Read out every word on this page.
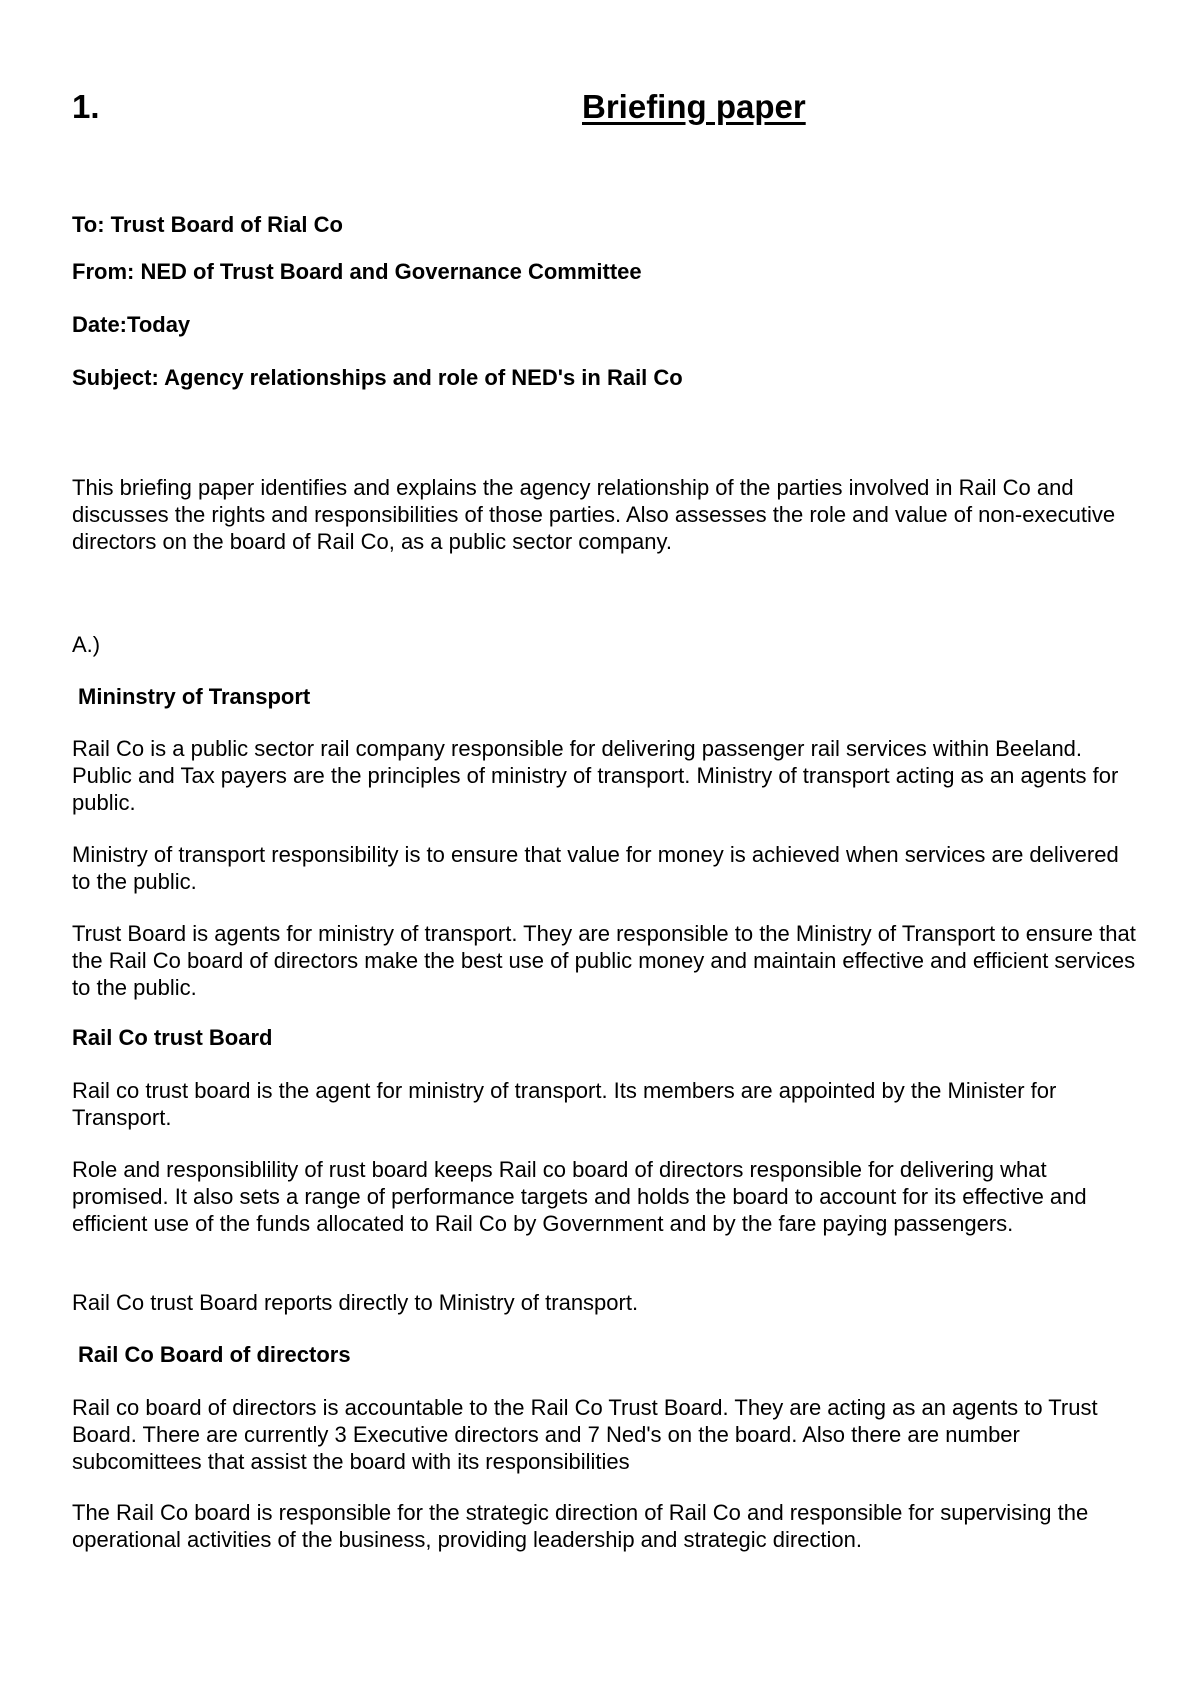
1.	Briefing paper
To: Trust Board of Rial Co
From: NED of Trust Board and Governance Committee
Date:Today
Subject: Agency relationships and role of NED's in Rail Co
This briefing paper identifies and explains the agency relationship of the parties involved in Rail Co and discusses the rights and responsibilities of those parties. Also assesses the role and value of non-executive directors on the board of Rail Co, as a public sector company.
A.)
Mininstry of Transport
Rail Co is a public sector rail company responsible for delivering passenger rail services within Beeland. Public and Tax payers are the principles of ministry of transport. Ministry of transport acting as an agents for public.
Ministry of transport responsibility is to ensure that value for money is achieved when services are delivered to the public.
Trust Board is agents for ministry of transport. They are responsible to the Ministry of Transport to ensure that the Rail Co board of directors make the best use of public money and maintain effective and efficient services to the public.
Rail Co trust Board
Rail co trust board is the agent for ministry of transport. Its members are appointed by the Minister for Transport.
Role and responsiblility of rust board keeps Rail co board of directors responsible for delivering what promised. It also sets a range of performance targets and holds the board to account for its effective and efficient use of the funds allocated to Rail Co by Government and by the fare paying passengers.
Rail Co trust Board reports directly to Ministry of transport.
Rail Co Board of directors
Rail co board of directors is accountable to the Rail Co Trust Board. They are acting as an agents to Trust Board. There are currently 3 Executive directors and 7 Ned's on the board. Also there are number subcomittees that assist the board with its responsibilities
The Rail Co board is responsible for the strategic direction of Rail Co and responsible for supervising the operational activities of the business, providing leadership and strategic direction.
